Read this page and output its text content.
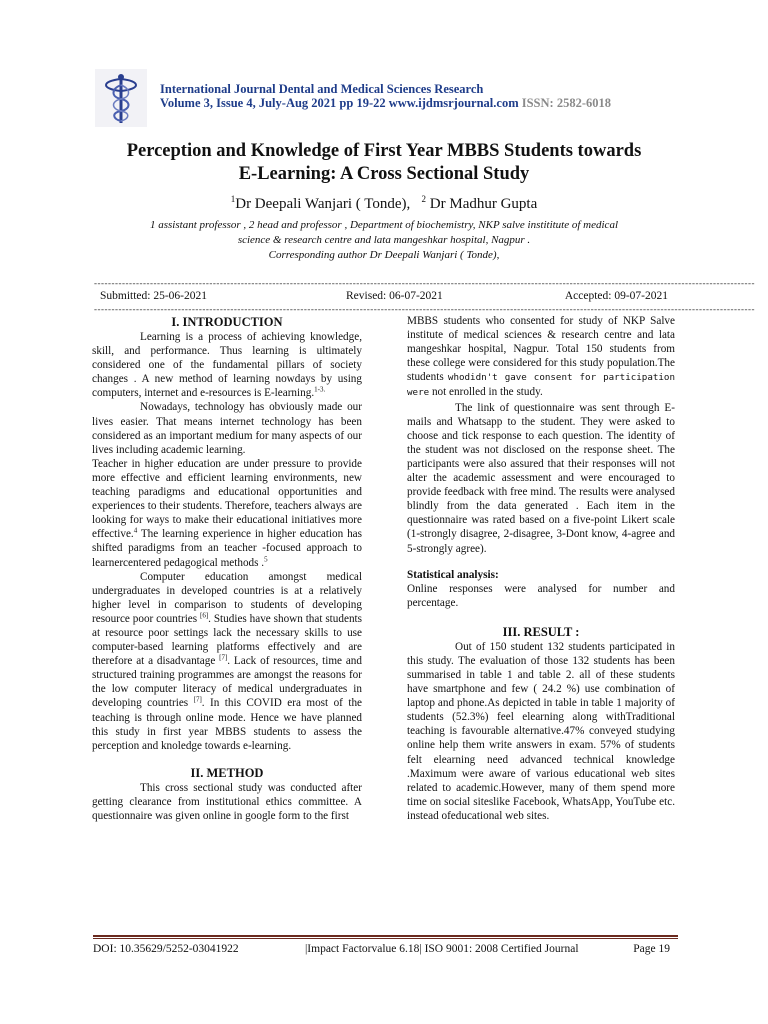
International Journal Dental and Medical Sciences Research
Volume 3, Issue 4, July-Aug 2021 pp 19-22 www.ijdmsrjournal.com ISSN: 2582-6018
Perception and Knowledge of First Year MBBS Students towards
E-Learning: A Cross Sectional Study
$^1$Dr Deepali Wanjari ( Tonde), $^2$ Dr Madhur Gupta
1 assistant professor , 2 head and professor , Department of biochemistry, NKP salve instititute of medical
science & research centre and lata mangeshkar hospital, Nagpur .
Corresponding author Dr Deepali Wanjari ( Tonde),
---------------------------------------------------------------------------------------------------------------------------------------------------------------------------------------------
Submitted: 25-06-2021	Revised: 06-07-2021	Accepted: 09-07-2021
---------------------------------------------------------------------------------------------------------------------------------------------------------------------------------------------
I. INTRODUCTION

Learning is a process of achieving knowledge, skill, and performance. Thus learning is ultimately considered one of the fundamental pillars of society changes . A new method of learning nowdays by using computers, internet and e-resources is E-learning.$^{1-3.}$

Nowadays, technology has obviously made our lives easier. That means internet technology has been considered as an important medium for many aspects of our lives including academic learning.

Teacher in higher education are under pressure to provide more effective and efficient learning environments, new teaching paradigms and educational opportunities and experiences to their students. Therefore, teachers always are looking for ways to make their educational initiatives more effective.$^4$ The learning experience in higher education has shifted paradigms from an teacher -focused approach to learnercentered pedagogical methods .$^5$

Computer education amongst medical undergraduates in developed countries is at a relatively higher level in comparison to students of developing resource poor countries [6]. Studies have shown that students at resource poor settings lack the necessary skills to use computer-based learning platforms effectively and are therefore at a disadvantage [7]. Lack of resources, time and structured training programmes are amongst the reasons for the low computer literacy of medical undergraduates in developing countries [7]. In this COVID era most of the teaching is through online mode. Hence we have planned this study in first year MBBS students to assess the perception and knoledge towards e-learning.

II. METHOD

This cross sectional study was conducted after getting clearance from institutional ethics committee. A questionnaire was given online in google form to the first

MBBS students who consented for study of NKP Salve institute of medical sciences & research centre and lata mangeshkar hospital, Nagpur. Total 150 students from these college were considered for this study population.The students whodidn't gave consent for participation were not enrolled in the study.

The link of questionnaire was sent through E-mails and Whatsapp to the student. They were asked to choose and tick response to each question. The identity of the student was not disclosed on the response sheet. The participants were also assured that their responses will not alter the academic assessment and were encouraged to provide feedback with free mind. The results were analysed blindly from the data generated . Each item in the questionnaire was rated based on a five-point Likert scale (1-strongly disagree, 2-disagree, 3-Dont know, 4-agree and 5-strongly agree).

Statistical analysis:

Online responses were analysed for number and percentage.

III. RESULT :

Out of 150 student 132 students participated in this study. The evaluation of those 132 students has been summarised in table 1 and table 2. all of these students have smartphone and few ( 24.2 %) use combination of laptop and phone.As depicted in table in table 1 majority of students (52.3%) feel elearning along withTraditional teaching is favourable alternative.47% conveyed studying online help them write answers in exam. 57% of students felt elearning need advanced technical knowledge .Maximum were aware of various educational web sites related to academic.However, many of them spend more time on social siteslike Facebook, WhatsApp, YouTube etc. instead ofeducational web sites.

DOI: 10.35629/5252-03041922	|Impact Factorvalue 6.18| ISO 9001: 2008 Certified Journal	Page 19
